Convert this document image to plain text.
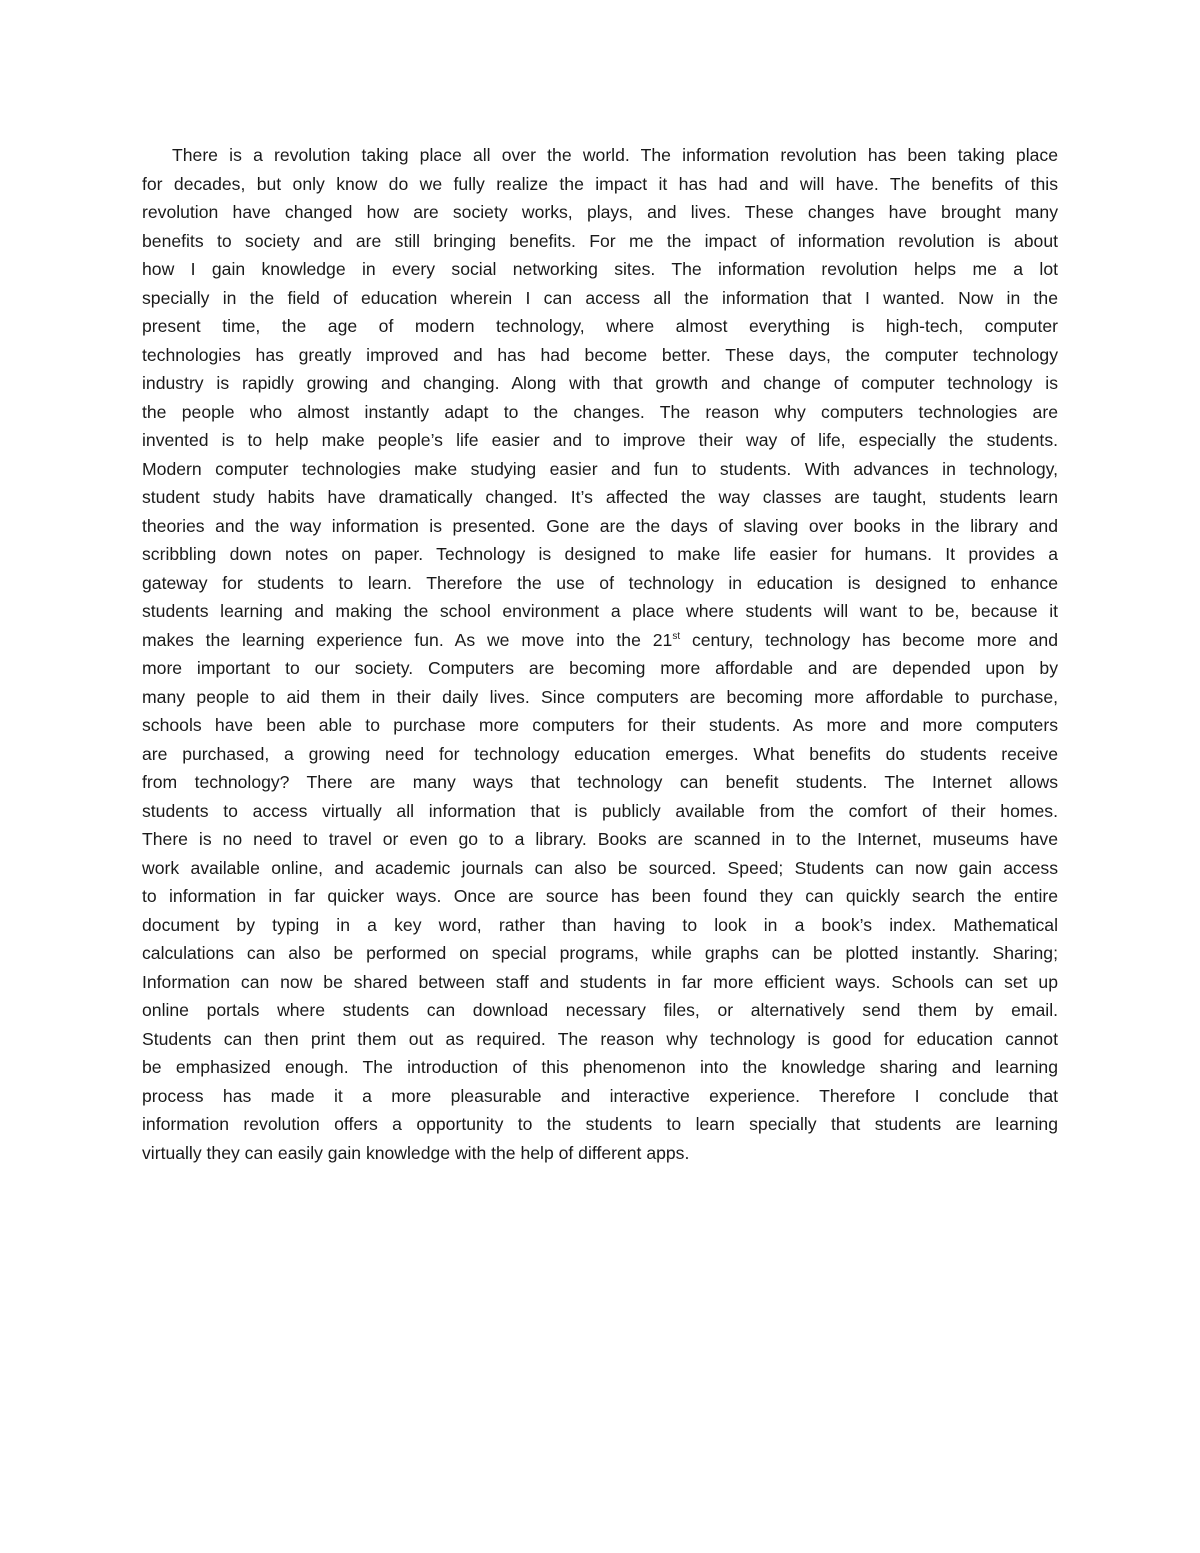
There is a revolution taking place all over the world. The information revolution has been taking place
for decades, but only know do we fully realize the impact it has had and will have. The benefits of this
revolution have changed how are society works, plays, and lives. These changes have brought many
benefits to society and are still bringing benefits. For me the impact of information revolution is about
how I gain knowledge in every social networking sites. The information revolution helps me a lot
specially in the field of education wherein I can access all the information that I wanted. Now in the
present time, the age of modern technology, where almost everything is high-tech, computer
technologies has greatly improved and has had become better. These days, the computer technology
industry is rapidly growing and changing. Along with that growth and change of computer technology is
the people who almost instantly adapt to the changes. The reason why computers technologies are
invented is to help make people’s life easier and to improve their way of life, especially the students.
Modern computer technologies make studying easier and fun to students. With advances in technology,
student study habits have dramatically changed. It’s affected the way classes are taught, students learn
theories and the way information is presented. Gone are the days of slaving over books in the library and
scribbling down notes on paper. Technology is designed to make life easier for humans. It provides a
gateway for students to learn. Therefore the use of technology in education is designed to enhance
students learning and making the school environment a place where students will want to be, because it
makes the learning experience fun. As we move into the 21st century, technology has become more and
more important to our society. Computers are becoming more affordable and are depended upon by
many people to aid them in their daily lives. Since computers are becoming more affordable to purchase,
schools have been able to purchase more computers for their students. As more and more computers
are purchased, a growing need for technology education emerges. What benefits do students receive
from technology? There are many ways that technology can benefit students. The Internet allows
students to access virtually all information that is publicly available from the comfort of their homes.
There is no need to travel or even go to a library. Books are scanned in to the Internet, museums have
work available online, and academic journals can also be sourced. Speed; Students can now gain access
to information in far quicker ways. Once are source has been found they can quickly search the entire
document by typing in a key word, rather than having to look in a book’s index. Mathematical
calculations can also be performed on special programs, while graphs can be plotted instantly. Sharing;
Information can now be shared between staff and students in far more efficient ways. Schools can set up
online portals where students can download necessary files, or alternatively send them by email.
Students can then print them out as required. The reason why technology is good for education cannot
be emphasized enough. The introduction of this phenomenon into the knowledge sharing and learning
process has made it a more pleasurable and interactive experience. Therefore I conclude that
information revolution offers a opportunity to the students to learn specially that students are learning
virtually they can easily gain knowledge with the help of different apps.
